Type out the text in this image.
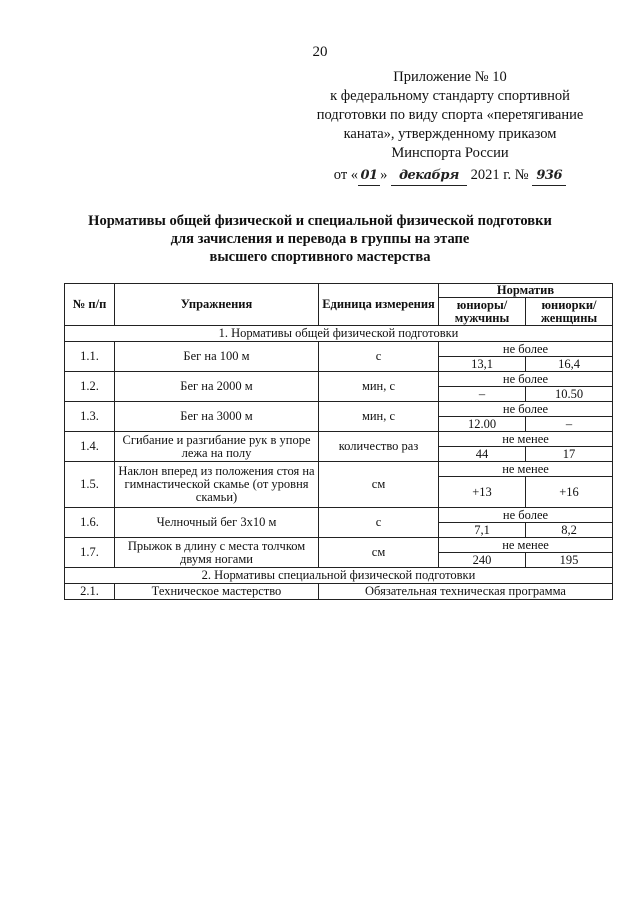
20
Приложение № 10
к федеральному стандарту спортивной
подготовки по виду спорта «перетягивание
каната», утвержденному приказом
Минспорта России
от « 01 » декабря 2021 г. № 936
Нормативы общей физической и специальной физической подготовки
для зачисления и перевода в группы на этапе
высшего спортивного мастерства
№ п/п	Упражнения	Единица измерения	Норматив	
			юниоры/ мужчины	юниорки/ женщины
1. Нормативы общей физической подготовки				
1.1.	Бег на 100 м	с	не более	
			13,1	16,4
1.2.	Бег на 2000 м	мин, с	не более	
			–	10.50
1.3.	Бег на 3000 м	мин, с	не более	
			12.00	–
1.4.	Сгибание и разгибание рук в упоре лежа на полу	количество раз	не менее	
			44	17
1.5.	Наклон вперед из положения стоя на гимнастической скамье (от уровня скамьи)	см	не менее	
			+13	+16
1.6.	Челночный бег 3х10 м	с	не более	
			7,1	8,2
1.7.	Прыжок в длину с места толчком двумя ногами	см	не менее	
			240	195
2. Нормативы специальной физической подготовки				
2.1.	Техническое мастерство	Обязательная техническая программа		
